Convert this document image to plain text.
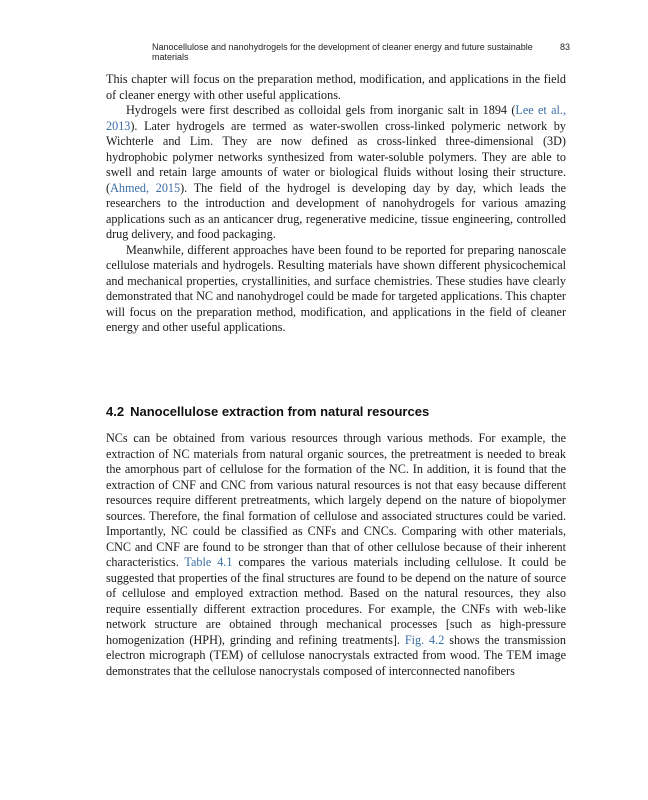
Nanocellulose and nanohydrogels for the development of cleaner energy and future sustainable materials
83

This chapter will focus on the preparation method, modification, and applications in the field of cleaner energy with other useful applications.

Hydrogels were first described as colloidal gels from inorganic salt in 1894 (Lee et al., 2013). Later hydrogels are termed as water-swollen cross-linked polymeric network by Wichterle and Lim. They are now defined as cross-linked three-dimensional (3D) hydrophobic polymer networks synthesized from water-soluble polymers. They are able to swell and retain large amounts of water or biological fluids without losing their structure. (Ahmed, 2015). The field of the hydrogel is developing day by day, which leads the researchers to the introduction and development of nanohydrogels for various amazing applications such as an anticancer drug, regenerative medicine, tissue engineering, controlled drug delivery, and food packaging.

Meanwhile, different approaches have been found to be reported for preparing nanoscale cellulose materials and hydrogels. Resulting materials have shown different physicochemical and mechanical properties, crystallinities, and surface chemistries. These studies have clearly demonstrated that NC and nanohydrogel could be made for targeted applications. This chapter will focus on the preparation method, modification, and applications in the field of cleaner energy and other useful applications.

4.2 Nanocellulose extraction from natural resources

NCs can be obtained from various resources through various methods. For example, the extraction of NC materials from natural organic sources, the pretreatment is needed to break the amorphous part of cellulose for the formation of the NC. In addition, it is found that the extraction of CNF and CNC from various natural resources is not that easy because different resources require different pretreatments, which largely depend on the nature of biopolymer sources. Therefore, the final formation of cellulose and associated structures could be varied. Importantly, NC could be classified as CNFs and CNCs. Comparing with other materials, CNC and CNF are found to be stronger than that of other cellulose because of their inherent characteristics. Table 4.1 compares the various materials including cellulose. It could be suggested that properties of the final structures are found to be depend on the nature of source of cellulose and employed extraction method. Based on the natural resources, they also require essentially different extraction procedures. For example, the CNFs with web-like network structure are obtained through mechanical processes [such as high-pressure homogenization (HPH), grinding and refining treatments]. Fig. 4.2 shows the transmission electron micrograph (TEM) of cellulose nanocrystals extracted from wood. The TEM image demonstrates that the cellulose nanocrystals composed of interconnected nanofibers
